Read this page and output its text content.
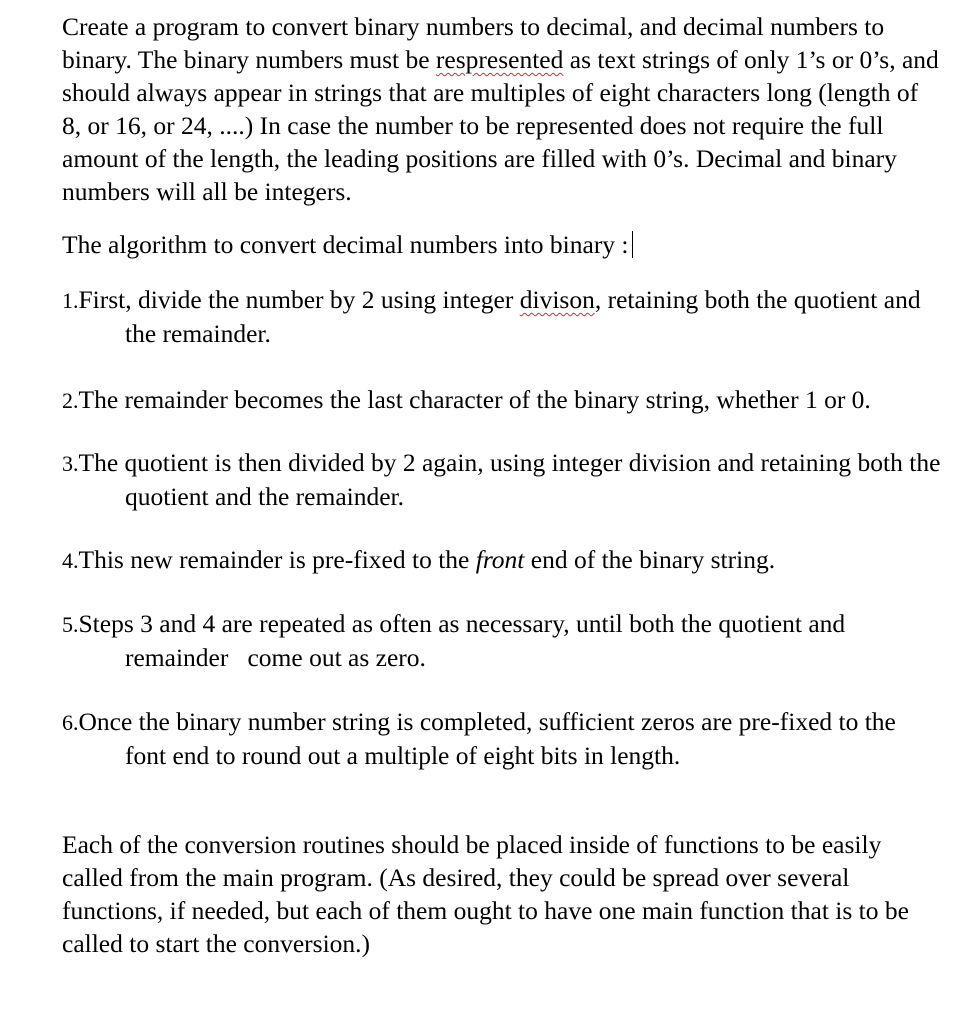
Create a program to convert binary numbers to decimal, and decimal numbers to binary. The binary numbers must be respresented as text strings of only 1’s or 0’s, and should always appear in strings that are multiples of eight characters long (length of 8, or 16, or 24, ....) In case the number to be represented does not require the full amount of the length, the leading positions are filled with 0’s. Decimal and binary numbers will all be integers.

The algorithm to convert decimal numbers into binary :

1.First, divide the number by 2 using integer divison, retaining both the quotient and the remainder.

2.The remainder becomes the last character of the binary string, whether 1 or 0.

3.The quotient is then divided by 2 again, using integer division and retaining both the quotient and the remainder.

4.This new remainder is pre-fixed to the front end of the binary string.

5.Steps 3 and 4 are repeated as often as necessary, until both the quotient and remainder   come out as zero.

6.Once the binary number string is completed, sufficient zeros are pre-fixed to the font end to round out a multiple of eight bits in length.

Each of the conversion routines should be placed inside of functions to be easily called from the main program. (As desired, they could be spread over several functions, if needed, but each of them ought to have one main function that is to be called to start the conversion.)
